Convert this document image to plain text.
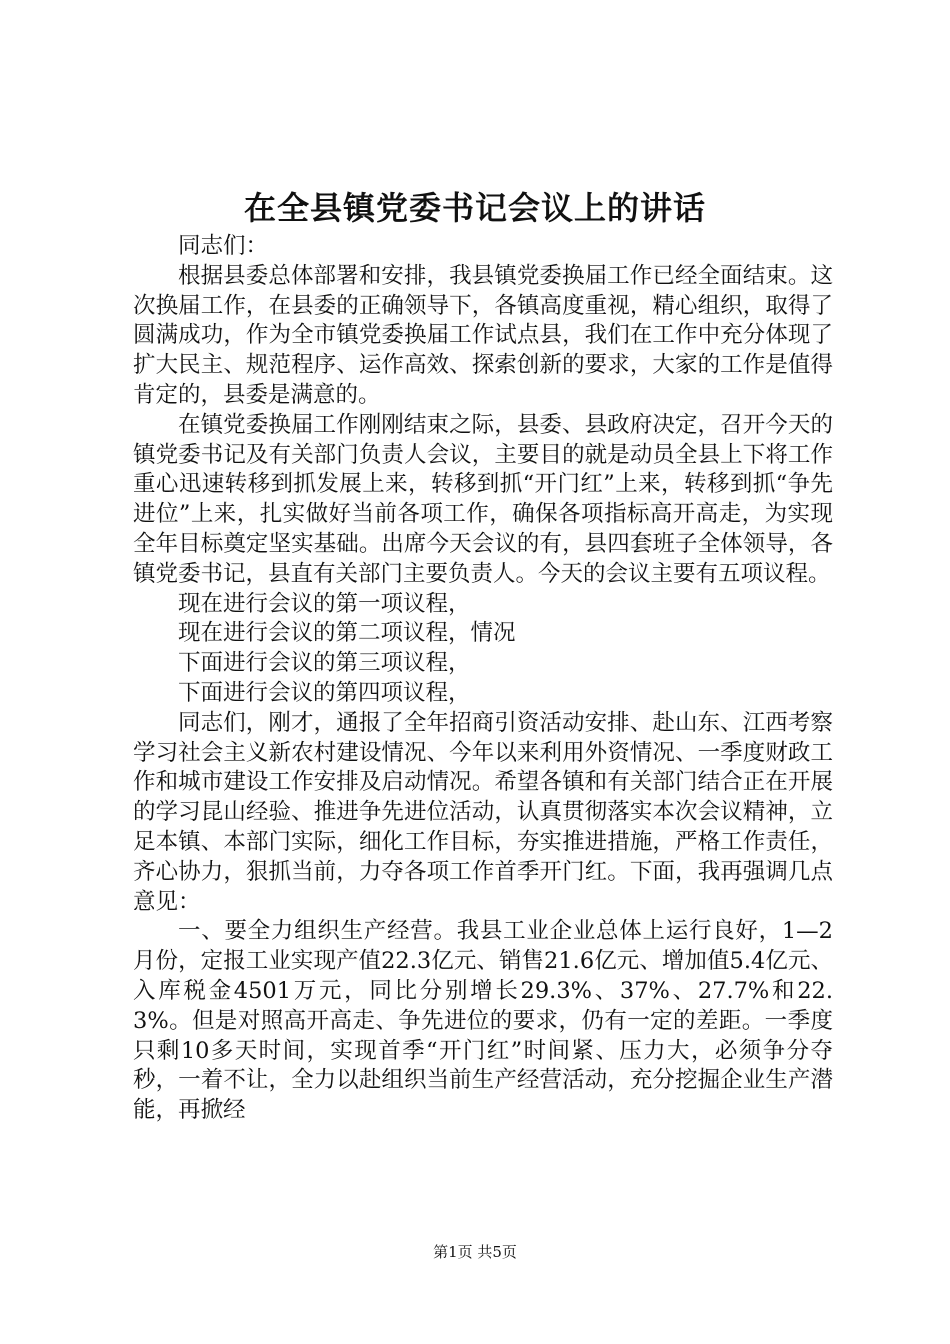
在全县镇党委书记会议上的讲话

同志们：

根据县委总体部署和安排，我县镇党委换届工作已经全面结束。这次换届工作，在县委的正确领导下，各镇高度重视，精心组织，取得了圆满成功，作为全市镇党委换届工作试点县，我们在工作中充分体现了扩大民主、规范程序、运作高效、探索创新的要求，大家的工作是值得肯定的，县委是满意的。

在镇党委换届工作刚刚结束之际，县委、县政府决定，召开今天的镇党委书记及有关部门负责人会议，主要目的就是动员全县上下将工作重心迅速转移到抓发展上来，转移到抓“开门红”上来，转移到抓“争先进位”上来，扎实做好当前各项工作，确保各项指标高开高走，为实现全年目标奠定坚实基础。出席今天会议的有，县四套班子全体领导，各镇党委书记，县直有关部门主要负责人。今天的会议主要有五项议程。

现在进行会议的第一项议程，

现在进行会议的第二项议程，情况

下面进行会议的第三项议程，

下面进行会议的第四项议程，

同志们，刚才，通报了全年招商引资活动安排、赴山东、江西考察学习社会主义新农村建设情况、今年以来利用外资情况、一季度财政工作和城市建设工作安排及启动情况。希望各镇和有关部门结合正在开展的学习昆山经验、推进争先进位活动，认真贯彻落实本次会议精神，立足本镇、本部门实际，细化工作目标，夯实推进措施，严格工作责任，齐心协力，狠抓当前，力夺各项工作首季开门红。下面，我再强调几点意见：

一、要全力组织生产经营。我县工业企业总体上运行良好，1—2月份，定报工业实现产值22.3亿元、销售21.6亿元、增加值5.4亿元、入库税金4501万元，同比分别增长29.3%、37%、27.7%和22.3%。但是对照高开高走、争先进位的要求，仍有一定的差距。一季度只剩10多天时间，实现首季“开门红”时间紧、压力大，必须争分夺秒，一着不让，全力以赴组织当前生产经营活动，充分挖掘企业生产潜能，再掀经

第1页 共5页
